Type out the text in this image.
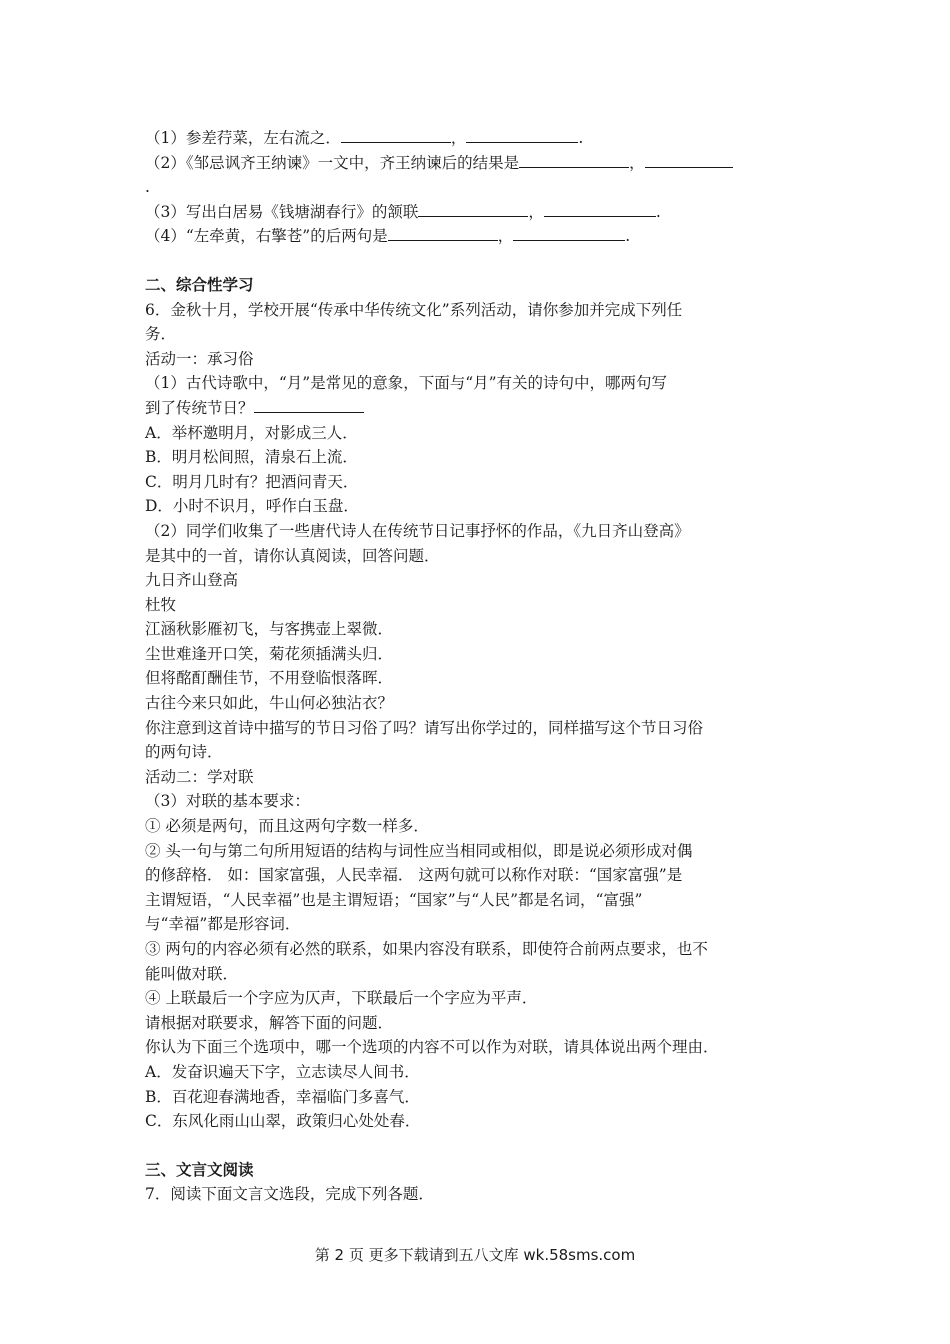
（1）参差荇菜，左右流之．	，	.

（2）《邹忌讽齐王纳谏》一文中，齐王纳谏后的结果是	，

.

（3）写出白居易《钱塘湖春行》的颔联	，	.

（4）“左牵黄，右擎苍”的后两句是	，	.

二、综合性学习

6．金秋十月，学校开展“传承中华传统文化”系列活动，请你参加并完成下列任

务．

活动一：承习俗

（1）古代诗歌中，“月”是常见的意象，下面与“月”有关的诗句中，哪两句写

到了传统节日？

A．举杯邀明月，对影成三人．

B．明月松间照，清泉石上流．

C．明月几时有？把酒问青天．

D．小时不识月，呼作白玉盘．

（2）同学们收集了一些唐代诗人在传统节日记事抒怀的作品，《九日齐山登高》

是其中的一首，请你认真阅读，回答问题．

九日齐山登高

杜牧

江涵秋影雁初飞，与客携壶上翠微．

尘世难逢开口笑，菊花须插满头归．

但将酩酊酬佳节，不用登临恨落晖．

古往今来只如此，牛山何必独沾衣？

你注意到这首诗中描写的节日习俗了吗？请写出你学过的，同样描写这个节日习俗

的两句诗．

活动二：学对联

（3）对联的基本要求：

① 必须是两句，而且这两句字数一样多．

② 头一句与第二句所用短语的结构与词性应当相同或相似，即是说必须形成对偶

的修辞格． 如：国家富强，人民幸福． 这两句就可以称作对联：“国家富强”是

主谓短语，“人民幸福”也是主谓短语；“国家”与“人民”都是名词，“富强”

与“幸福”都是形容词．

③ 两句的内容必须有必然的联系，如果内容没有联系，即使符合前两点要求，也不

能叫做对联．

④ 上联最后一个字应为仄声，下联最后一个字应为平声．

请根据对联要求，解答下面的问题．

你认为下面三个选项中，哪一个选项的内容不可以作为对联，请具体说出两个理由．

A．发奋识遍天下字，立志读尽人间书．

B．百花迎春满地香，幸福临门多喜气．

C．东风化雨山山翠，政策归心处处春．

三、文言文阅读

7．阅读下面文言文选段，完成下列各题．

第 2 页 更多下载请到五八文库 wk.58sms.com
